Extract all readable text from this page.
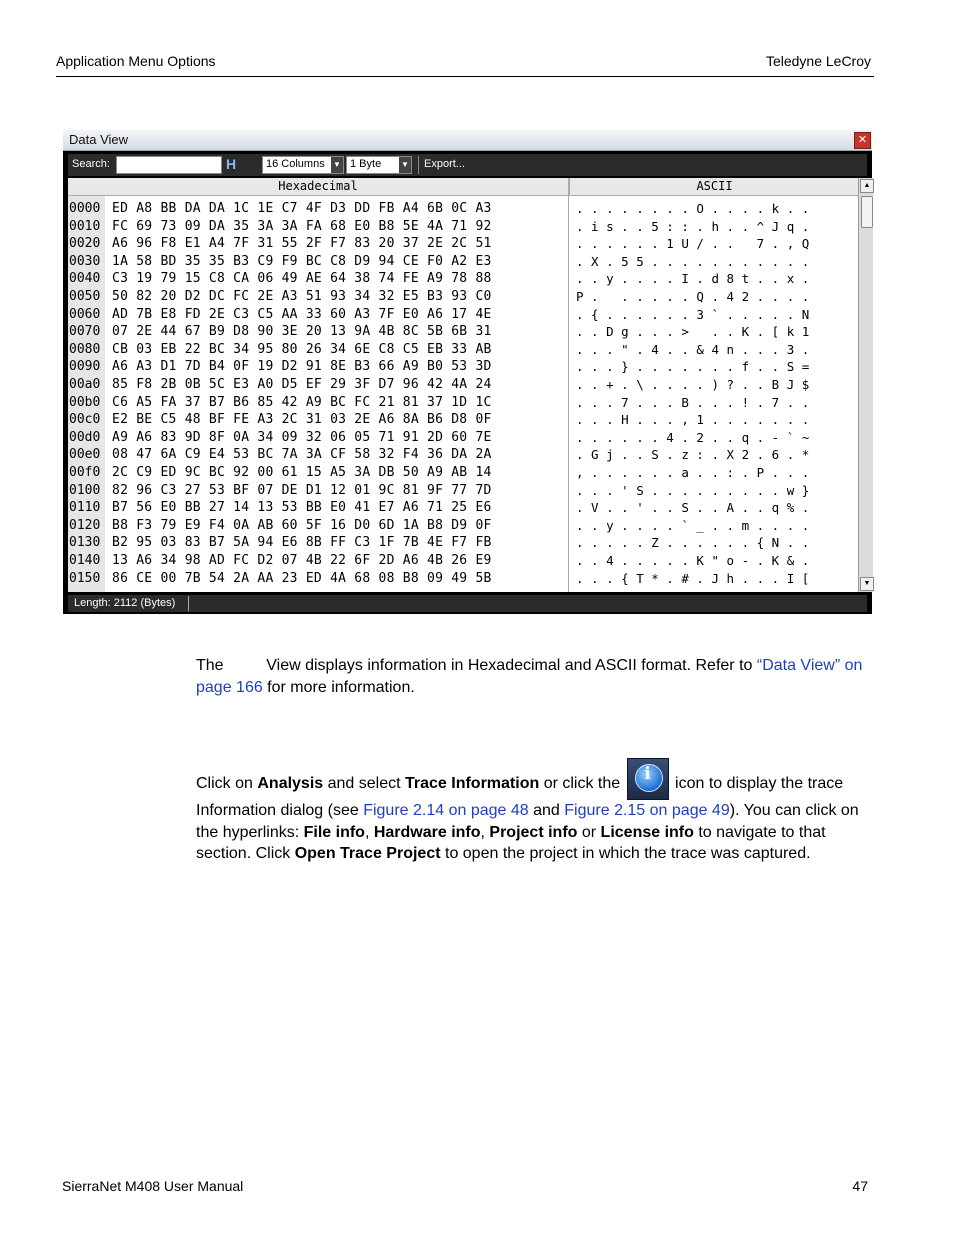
Application Menu Options	Teledyne LeCroy
Data View	✕
Search:	H	16 Columns ▼ 1 Byte ▼ Export...
Hexadecimal	ASCII
0000 ED A8 BB DA DA 1C 1E C7 4F D3 DD FB A4 6B 0C A3	. . . . . . . . O . . . . k . .
0010 FC 69 73 09 DA 35 3A 3A FA 68 E0 B8 5E 4A 71 92	. i s . . 5 : : . h . . ^ J q .
0020 A6 96 F8 E1 A4 7F 31 55 2F F7 83 20 37 2E 2C 51	. . . . . . 1 U / . .   7 . , Q
0030 1A 58 BD 35 35 B3 C9 F9 BC C8 D9 94 CE F0 A2 E3	. X . 5 5 . . . . . . . . . . .
0040 C3 19 79 15 C8 CA 06 49 AE 64 38 74 FE A9 78 88	. . y . . . . I . d 8 t . . x .
0050 50 82 20 D2 DC FC 2E A3 51 93 34 32 E5 B3 93 C0	P .   . . . . . Q . 4 2 . . . .
0060 AD 7B E8 FD 2E C3 C5 AA 33 60 A3 7F E0 A6 17 4E	. { . . . . . . 3 ` . . . . . N
0070 07 2E 44 67 B9 D8 90 3E 20 13 9A 4B 8C 5B 6B 31	. . D g . . . >   . . K . [ k 1
0080 CB 03 EB 22 BC 34 95 80 26 34 6E C8 C5 EB 33 AB	. . . " . 4 . . & 4 n . . . 3 .
0090 A6 A3 D1 7D B4 0F 19 D2 91 8E B3 66 A9 B0 53 3D	. . . } . . . . . . . f . . S =
00a0 85 F8 2B 0B 5C E3 A0 D5 EF 29 3F D7 96 42 4A 24	. . + . \ . . . . ) ? . . B J $
00b0 C6 A5 FA 37 B7 B6 85 42 A9 BC FC 21 81 37 1D 1C	. . . 7 . . . B . . . ! . 7 . .
00c0 E2 BE C5 48 BF FE A3 2C 31 03 2E A6 8A B6 D8 0F	. . . H . . . , 1 . . . . . . .
00d0 A9 A6 83 9D 8F 0A 34 09 32 06 05 71 91 2D 60 7E	. . . . . . 4 . 2 . . q . - ` ~
00e0 08 47 6A C9 E4 53 BC 7A 3A CF 58 32 F4 36 DA 2A	. G j . . S . z : . X 2 . 6 . *
00f0 2C C9 ED 9C BC 92 00 61 15 A5 3A DB 50 A9 AB 14	, . . . . . . a . . : . P . . .
0100 82 96 C3 27 53 BF 07 DE D1 12 01 9C 81 9F 77 7D	. . . ' S . . . . . . . . . w }
0110 B7 56 E0 BB 27 14 13 53 BB E0 41 E7 A6 71 25 E6	. V . . ' . . S . . A . . q % .
0120 B8 F3 79 E9 F4 0A AB 60 5F 16 D0 6D 1A B8 D9 0F	. . y . . . . ` _ . . m . . . .
0130 B2 95 03 83 B7 5A 94 E6 8B FF C3 1F 7B 4E F7 FB	. . . . . Z . . . . . . { N . .
0140 13 A6 34 98 AD FC D2 07 4B 22 6F 2D A6 4B 26 E9	. . 4 . . . . . K " o - . K & .
0150 86 CE 00 7B 54 2A AA 23 ED 4A 68 08 B8 09 49 5B	. . . { T * . # . J h . . . I [
▲
▼
Length: 2112 (Bytes)
The Data View displays information in Hexadecimal and ASCII format. Refer to “Data View” on page 166 for more information.
Click on Analysis and select Trace Information or click the	i	icon to display the trace Information dialog (see Figure 2.14 on page 48 and Figure 2.15 on page 49). You can click on the hyperlinks: File info, Hardware info, Project info or License info to navigate to that section. Click Open Trace Project to open the project in which the trace was captured.
SierraNet M408 User Manual	47
